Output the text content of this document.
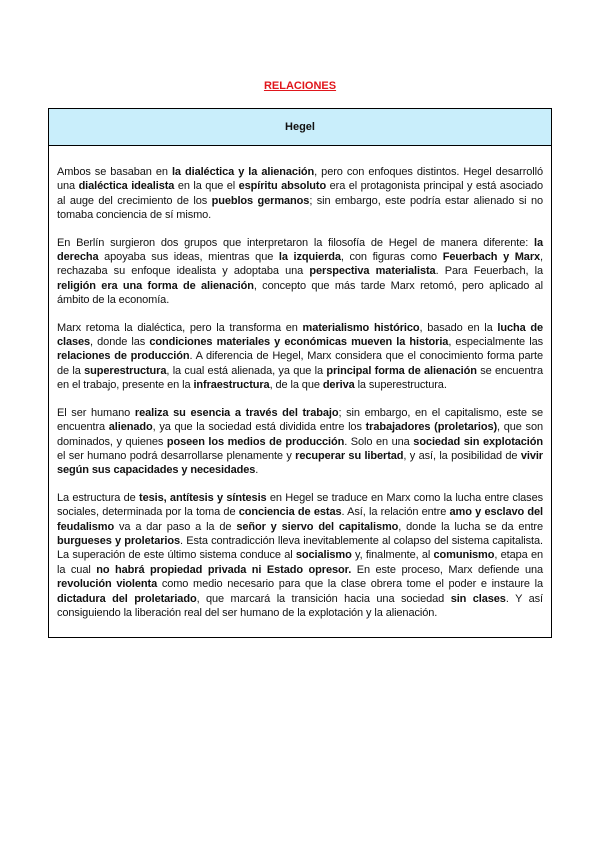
RELACIONES
Hegel

Ambos se basaban en la dialéctica y la alienación, pero con enfoques distintos. Hegel desarrolló una dialéctica idealista en la que el espíritu absoluto era el protagonista principal y está asociado al auge del crecimiento de los pueblos germanos; sin embargo, este podría estar alienado si no tomaba conciencia de sí mismo.

En Berlín surgieron dos grupos que interpretaron la filosofía de Hegel de manera diferente: la derecha apoyaba sus ideas, mientras que la izquierda, con figuras como Feuerbach y Marx, rechazaba su enfoque idealista y adoptaba una perspectiva materialista. Para Feuerbach, la religión era una forma de alienación, concepto que más tarde Marx retomó, pero aplicado al ámbito de la economía.

Marx retoma la dialéctica, pero la transforma en materialismo histórico, basado en la lucha de clases, donde las condiciones materiales y económicas mueven la historia, especialmente las relaciones de producción. A diferencia de Hegel, Marx considera que el conocimiento forma parte de la superestructura, la cual está alienada, ya que la principal forma de alienación se encuentra en el trabajo, presente en la infraestructura, de la que deriva la superestructura.

El ser humano realiza su esencia a través del trabajo; sin embargo, en el capitalismo, este se encuentra alienado, ya que la sociedad está dividida entre los trabajadores (proletarios), que son dominados, y quienes poseen los medios de producción. Solo en una sociedad sin explotación el ser humano podrá desarrollarse plenamente y recuperar su libertad, y así, la posibilidad de vivir según sus capacidades y necesidades.

La estructura de tesis, antítesis y síntesis en Hegel se traduce en Marx como la lucha entre clases sociales, determinada por la toma de conciencia de estas. Así, la relación entre amo y esclavo del feudalismo va a dar paso a la de señor y siervo del capitalismo, donde la lucha se da entre burgueses y proletarios. Esta contradicción lleva inevitablemente al colapso del sistema capitalista. La superación de este último sistema conduce al socialismo y, finalmente, al comunismo, etapa en la cual no habrá propiedad privada ni Estado opresor. En este proceso, Marx defiende una revolución violenta como medio necesario para que la clase obrera tome el poder e instaure la dictadura del proletariado, que marcará la transición hacia una sociedad sin clases. Y así consiguiendo la liberación real del ser humano de la explotación y la alienación.
